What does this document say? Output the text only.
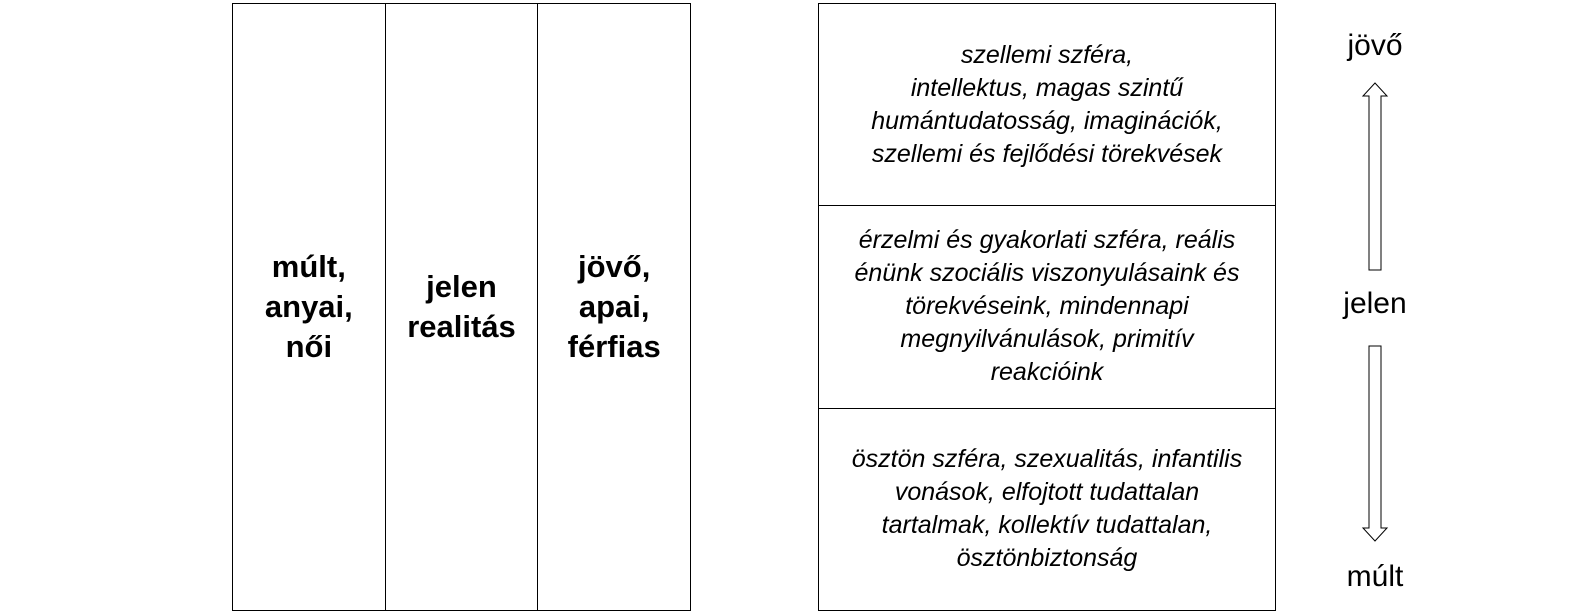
múlt,
anyai,
női
jelen
realitás
jövő,
apai,
férfias
szellemi szféra,
intellektus, magas szintű
humántudatosság, imaginációk,
szellemi és fejlődési törekvések
érzelmi és gyakorlati szféra, reális
énünk szociális viszonyulásaink és
törekvéseink, mindennapi
megnyilvánulások, primitív
reakcióink
ösztön szféra, szexualitás, infantilis
vonások, elfojtott tudattalan
tartalmak, kollektív tudattalan,
ösztönbiztonság
jövő
jelen
múlt
